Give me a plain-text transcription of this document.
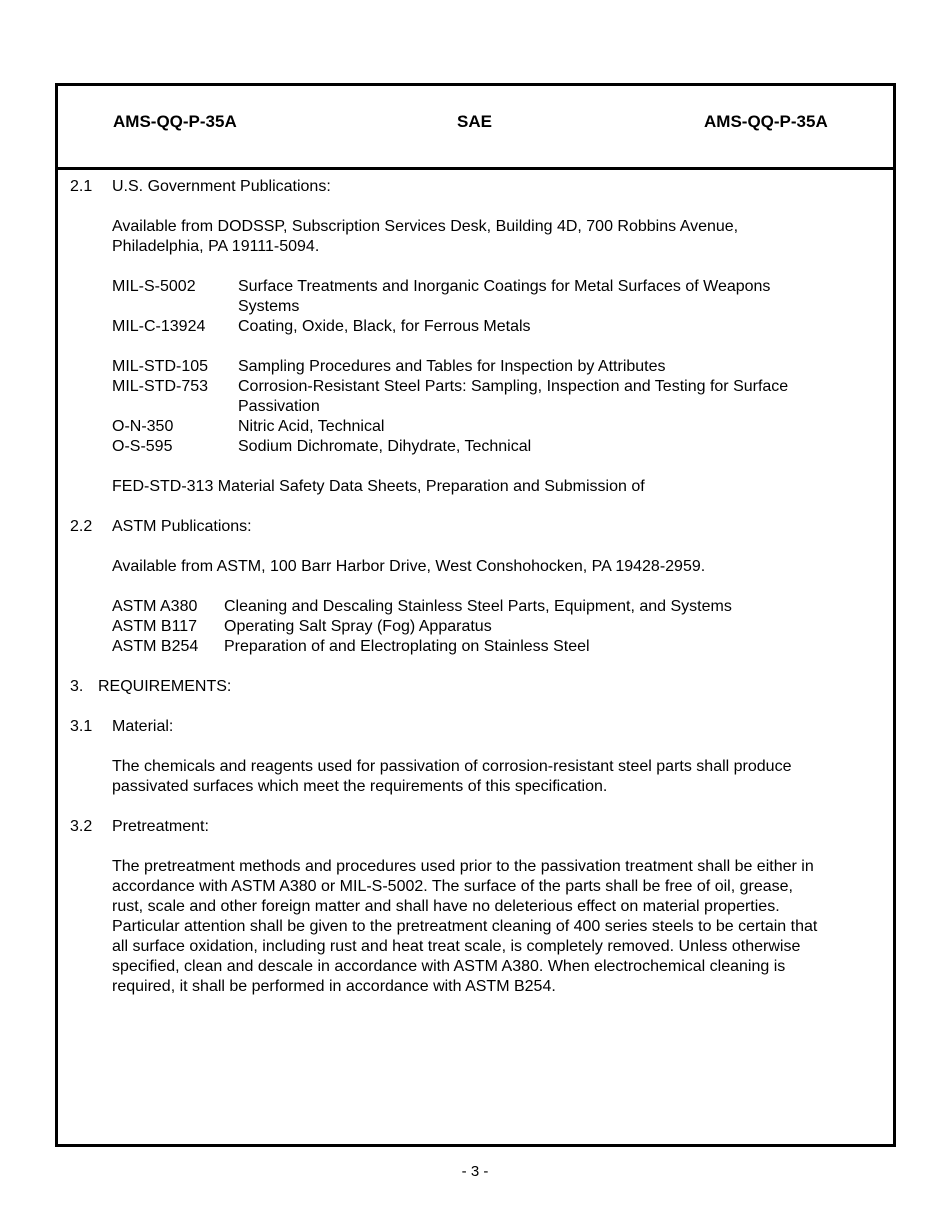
AMS-QQ-P-35A	SAE	AMS-QQ-P-35A
2.1	U.S. Government Publications:
Available from DODSSP, Subscription Services Desk, Building 4D, 700 Robbins Avenue,
Philadelphia, PA 19111-5094.
MIL-S-5002	Surface Treatments and Inorganic Coatings for Metal Surfaces of Weapons
Systems
MIL-C-13924	Coating, Oxide, Black, for Ferrous Metals
MIL-STD-105	Sampling Procedures and Tables for Inspection by Attributes
MIL-STD-753	Corrosion-Resistant Steel Parts: Sampling, Inspection and Testing for Surface
Passivation
O-N-350	Nitric Acid, Technical
O-S-595	Sodium Dichromate, Dihydrate, Technical
FED-STD-313 Material Safety Data Sheets, Preparation and Submission of
2.2	ASTM Publications:
Available from ASTM, 100 Barr Harbor Drive, West Conshohocken, PA 19428-2959.
ASTM A380	Cleaning and Descaling Stainless Steel Parts, Equipment, and Systems
ASTM B117	Operating Salt Spray (Fog) Apparatus
ASTM B254	Preparation of and Electroplating on Stainless Steel
3. REQUIREMENTS:
3.1	Material:
The chemicals and reagents used for passivation of corrosion-resistant steel parts shall produce
passivated surfaces which meet the requirements of this specification.
3.2	Pretreatment:
The pretreatment methods and procedures used prior to the passivation treatment shall be either in
accordance with ASTM A380 or MIL-S-5002. The surface of the parts shall be free of oil, grease,
rust, scale and other foreign matter and shall have no deleterious effect on material properties.
Particular attention shall be given to the pretreatment cleaning of 400 series steels to be certain that
all surface oxidation, including rust and heat treat scale, is completely removed. Unless otherwise
specified, clean and descale in accordance with ASTM A380. When electrochemical cleaning is
required, it shall be performed in accordance with ASTM B254.
- 3 -
